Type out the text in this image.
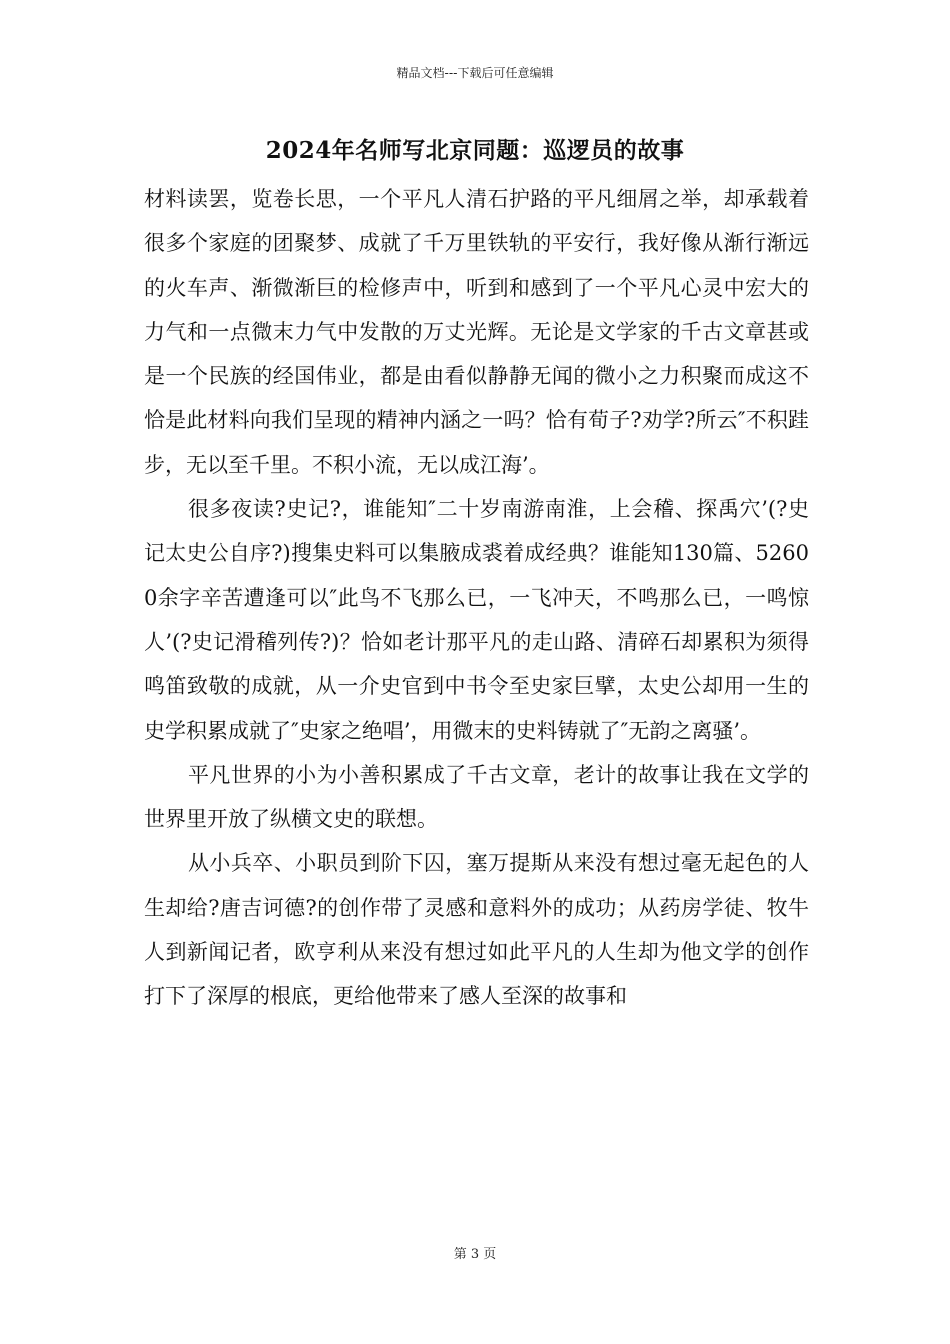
精品文档---下载后可任意编辑
2024年名师写北京同题：巡逻员的故事

材料读罢，览卷长思，一个平凡人清石护路的平凡细屑之举，却承载着很多个家庭的团聚梦、成就了千万里铁轨的平安行，我好像从渐行渐远的火车声、渐微渐巨的检修声中，听到和感到了一个平凡心灵中宏大的力气和一点微末力气中发散的万丈光辉。无论是文学家的千古文章甚或是一个民族的经国伟业，都是由看似静静无闻的微小之力积聚而成这不恰是此材料向我们呈现的精神内涵之一吗？恰有荀子?劝学?所云″不积跬步，无以至千里。不积小流，无以成江海’。

很多夜读?史记?，谁能知″二十岁南游南淮，上会稽、探禹穴’(?史记太史公自序?)搜集史料可以集腋成裘着成经典？谁能知130篇、52600余字辛苦遭逢可以″此鸟不飞那么已，一飞冲天，不鸣那么已，一鸣惊人’(?史记滑稽列传?)？恰如老计那平凡的走山路、清碎石却累积为须得鸣笛致敬的成就，从一介史官到中书令至史家巨擘，太史公却用一生的史学积累成就了″史家之绝唱’，用微末的史料铸就了″无韵之离骚’。

平凡世界的小为小善积累成了千古文章，老计的故事让我在文学的世界里开放了纵横文史的联想。

从小兵卒、小职员到阶下囚，塞万提斯从来没有想过毫无起色的人生却给?唐吉诃德?的创作带了灵感和意料外的成功；从药房学徒、牧牛人到新闻记者，欧亨利从来没有想过如此平凡的人生却为他文学的创作打下了深厚的根底，更给他带来了感人至深的故事和

第 3 页
